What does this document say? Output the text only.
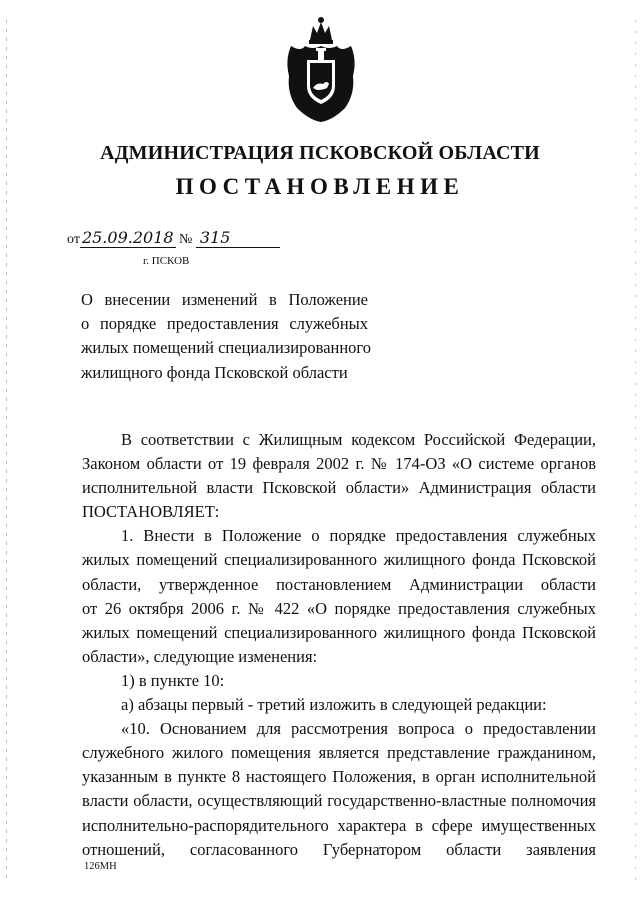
АДМИНИСТРАЦИЯ ПСКОВСКОЙ ОБЛАСТИ
ПОСТАНОВЛЕНИЕ
от 25.09.2018 № 315
г. ПСКОВ
О внесении изменений в Положение
о порядке предоставления служебных
жилых помещений специализированного
жилищного фонда Псковской области
В соответствии с Жилищным кодексом Российской Федерации,
Законом области от 19 февраля 2002 г. № 174-ОЗ «О системе органов
исполнительной власти Псковской области» Администрация области
ПОСТАНОВЛЯЕТ:
1. Внести в Положение о порядке предоставления служебных
жилых помещений специализированного жилищного фонда Псковской
области, утвержденное постановлением Администрации области
от 26 октября 2006 г. № 422 «О порядке предоставления служебных
жилых помещений специализированного жилищного фонда Псковской
области», следующие изменения:
1) в пункте 10:
а) абзацы первый - третий изложить в следующей редакции:
«10. Основанием для рассмотрения вопроса о предоставлении
служебного жилого помещения является представление гражданином,
указанным в пункте 8 настоящего Положения, в орган исполнительной
власти области, осуществляющий государственно-властные полномочия
исполнительно-распорядительного характера в сфере имущественных
отношений, согласованного Губернатором области заявления
126МН
